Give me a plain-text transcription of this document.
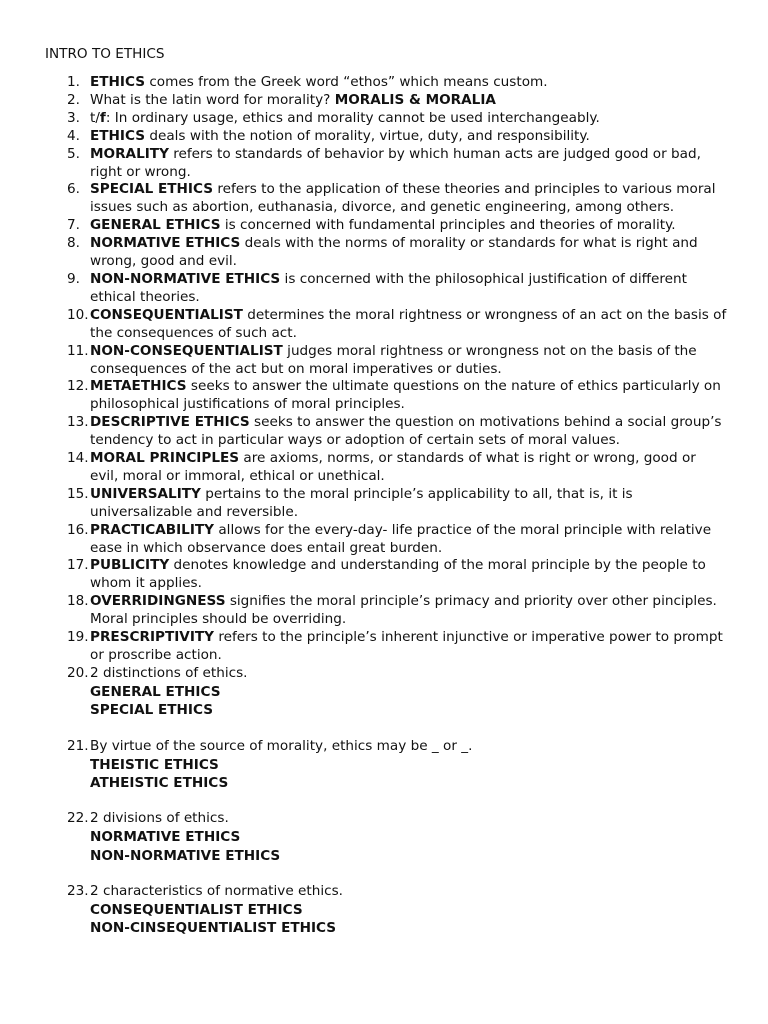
INTRO TO ETHICS
1. ETHICS comes from the Greek word “ethos” which means custom.
2. What is the latin word for morality? MORALIS & MORALIA
3. t/f: In ordinary usage, ethics and morality cannot be used interchangeably.
4. ETHICS deals with the notion of morality, virtue, duty, and responsibility.
5. MORALITY refers to standards of behavior by which human acts are judged good or bad, right or wrong.
6. SPECIAL ETHICS refers to the application of these theories and principles to various moral issues such as abortion, euthanasia, divorce, and genetic engineering, among others.
7. GENERAL ETHICS is concerned with fundamental principles and theories of morality.
8. NORMATIVE ETHICS deals with the norms of morality or standards for what is right and wrong, good and evil.
9. NON-NORMATIVE ETHICS is concerned with the philosophical justification of different ethical theories.
10. CONSEQUENTIALIST determines the moral rightness or wrongness of an act on the basis of the consequences of such act.
11. NON-CONSEQUENTIALIST judges moral rightness or wrongness not on the basis of the consequences of the act but on moral imperatives or duties.
12. METAETHICS seeks to answer the ultimate questions on the nature of ethics particularly on philosophical justifications of moral principles.
13. DESCRIPTIVE ETHICS seeks to answer the question on motivations behind a social group’s tendency to act in particular ways or adoption of certain sets of moral values.
14. MORAL PRINCIPLES are axioms, norms, or standards of what is right or wrong, good or evil, moral or immoral, ethical or unethical.
15. UNIVERSALITY pertains to the moral principle’s applicability to all, that is, it is universalizable and reversible.
16. PRACTICABILITY allows for the every-day- life practice of the moral principle with relative ease in which observance does entail great burden.
17. PUBLICITY denotes knowledge and understanding of the moral principle by the people to whom it applies.
18. OVERRIDINGNESS signifies the moral principle’s primacy and priority over other pinciples. Moral principles should be overriding.
19. PRESCRIPTIVITY refers to the principle’s inherent injunctive or imperative power to prompt or proscribe action.
20. 2 distinctions of ethics.
GENERAL ETHICS
SPECIAL ETHICS
21. By virtue of the source of morality, ethics may be _ or _.
THEISTIC ETHICS
ATHEISTIC ETHICS
22. 2 divisions of ethics.
NORMATIVE ETHICS
NON-NORMATIVE ETHICS
23. 2 characteristics of normative ethics.
CONSEQUENTIALIST ETHICS
NON-CINSEQUENTIALIST ETHICS
